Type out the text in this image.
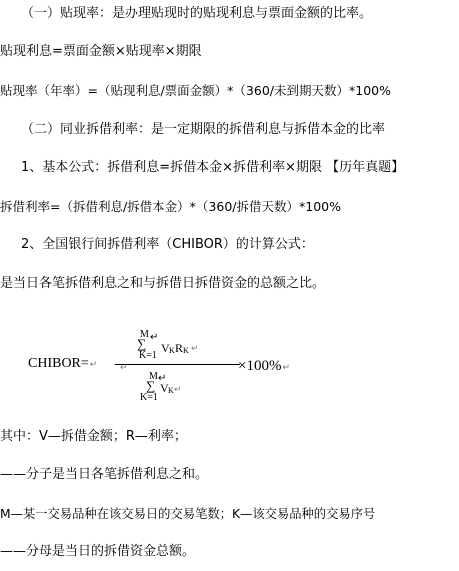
（一）贴现率：是办理贴现时的贴现利息与票面金额的比率。
贴现利息=票面金额×贴现率×期限
贴现率（年率）=（贴现利息/票面金额）*（360/未到期天数）*100%
（二）同业拆借利率：是一定期限的拆借利息与拆借本金的比率
1、基本公式：拆借利息=拆借本金×拆借利率×期限 【历年真题】
拆借利率=（拆借利息/拆借本金）*（360/拆借天数）*100%
2、全国银行间拆借利率（CHIBOR）的计算公式：
是当日各笔拆借利息之和与拆借日拆借资金的总额之比。
CHIBOR=↵
M ↵
∑
K=1
V K R K ↵
↵
M ↵
∑
K=1
V K ↵
×100%↵
其中：V—拆借金额；R—利率；
——分子是当日各笔拆借利息之和。
M—某一交易品种在该交易日的交易笔数；K—该交易品种的交易序号
——分母是当日的拆借资金总额。
